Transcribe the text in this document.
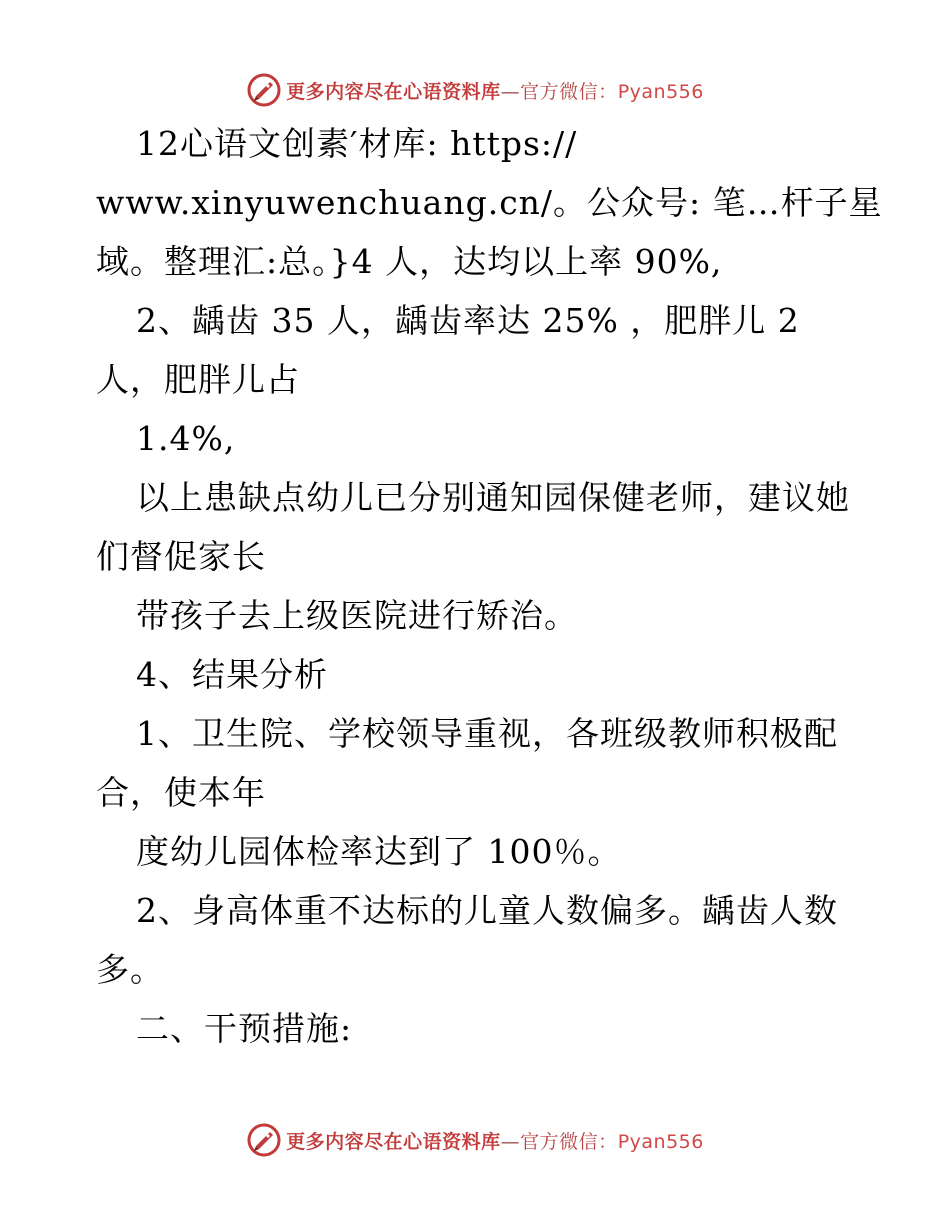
更多内容尽在心语资料库—官方微信：Pyan556
12心语文创素′材库: https://
www.xinyuwenchuang.cn/。公众号: 笔…杆子星
域。整理汇:总。}4 人，达均以上率 90%,
2、龋齿 35 人，龋齿率达 25% ，肥胖儿 2
人，肥胖儿占
1.4%,
以上患缺点幼儿已分别通知园保健老师，建议她
们督促家长
带孩子去上级医院进行矫治。
4、结果分析
1、卫生院、学校领导重视，各班级教师积极配
合，使本年
度幼儿园体检率达到了 100％。
2、身高体重不达标的儿童人数偏多。龋齿人数
多。
二、干预措施:
更多内容尽在心语资料库—官方微信：Pyan556
